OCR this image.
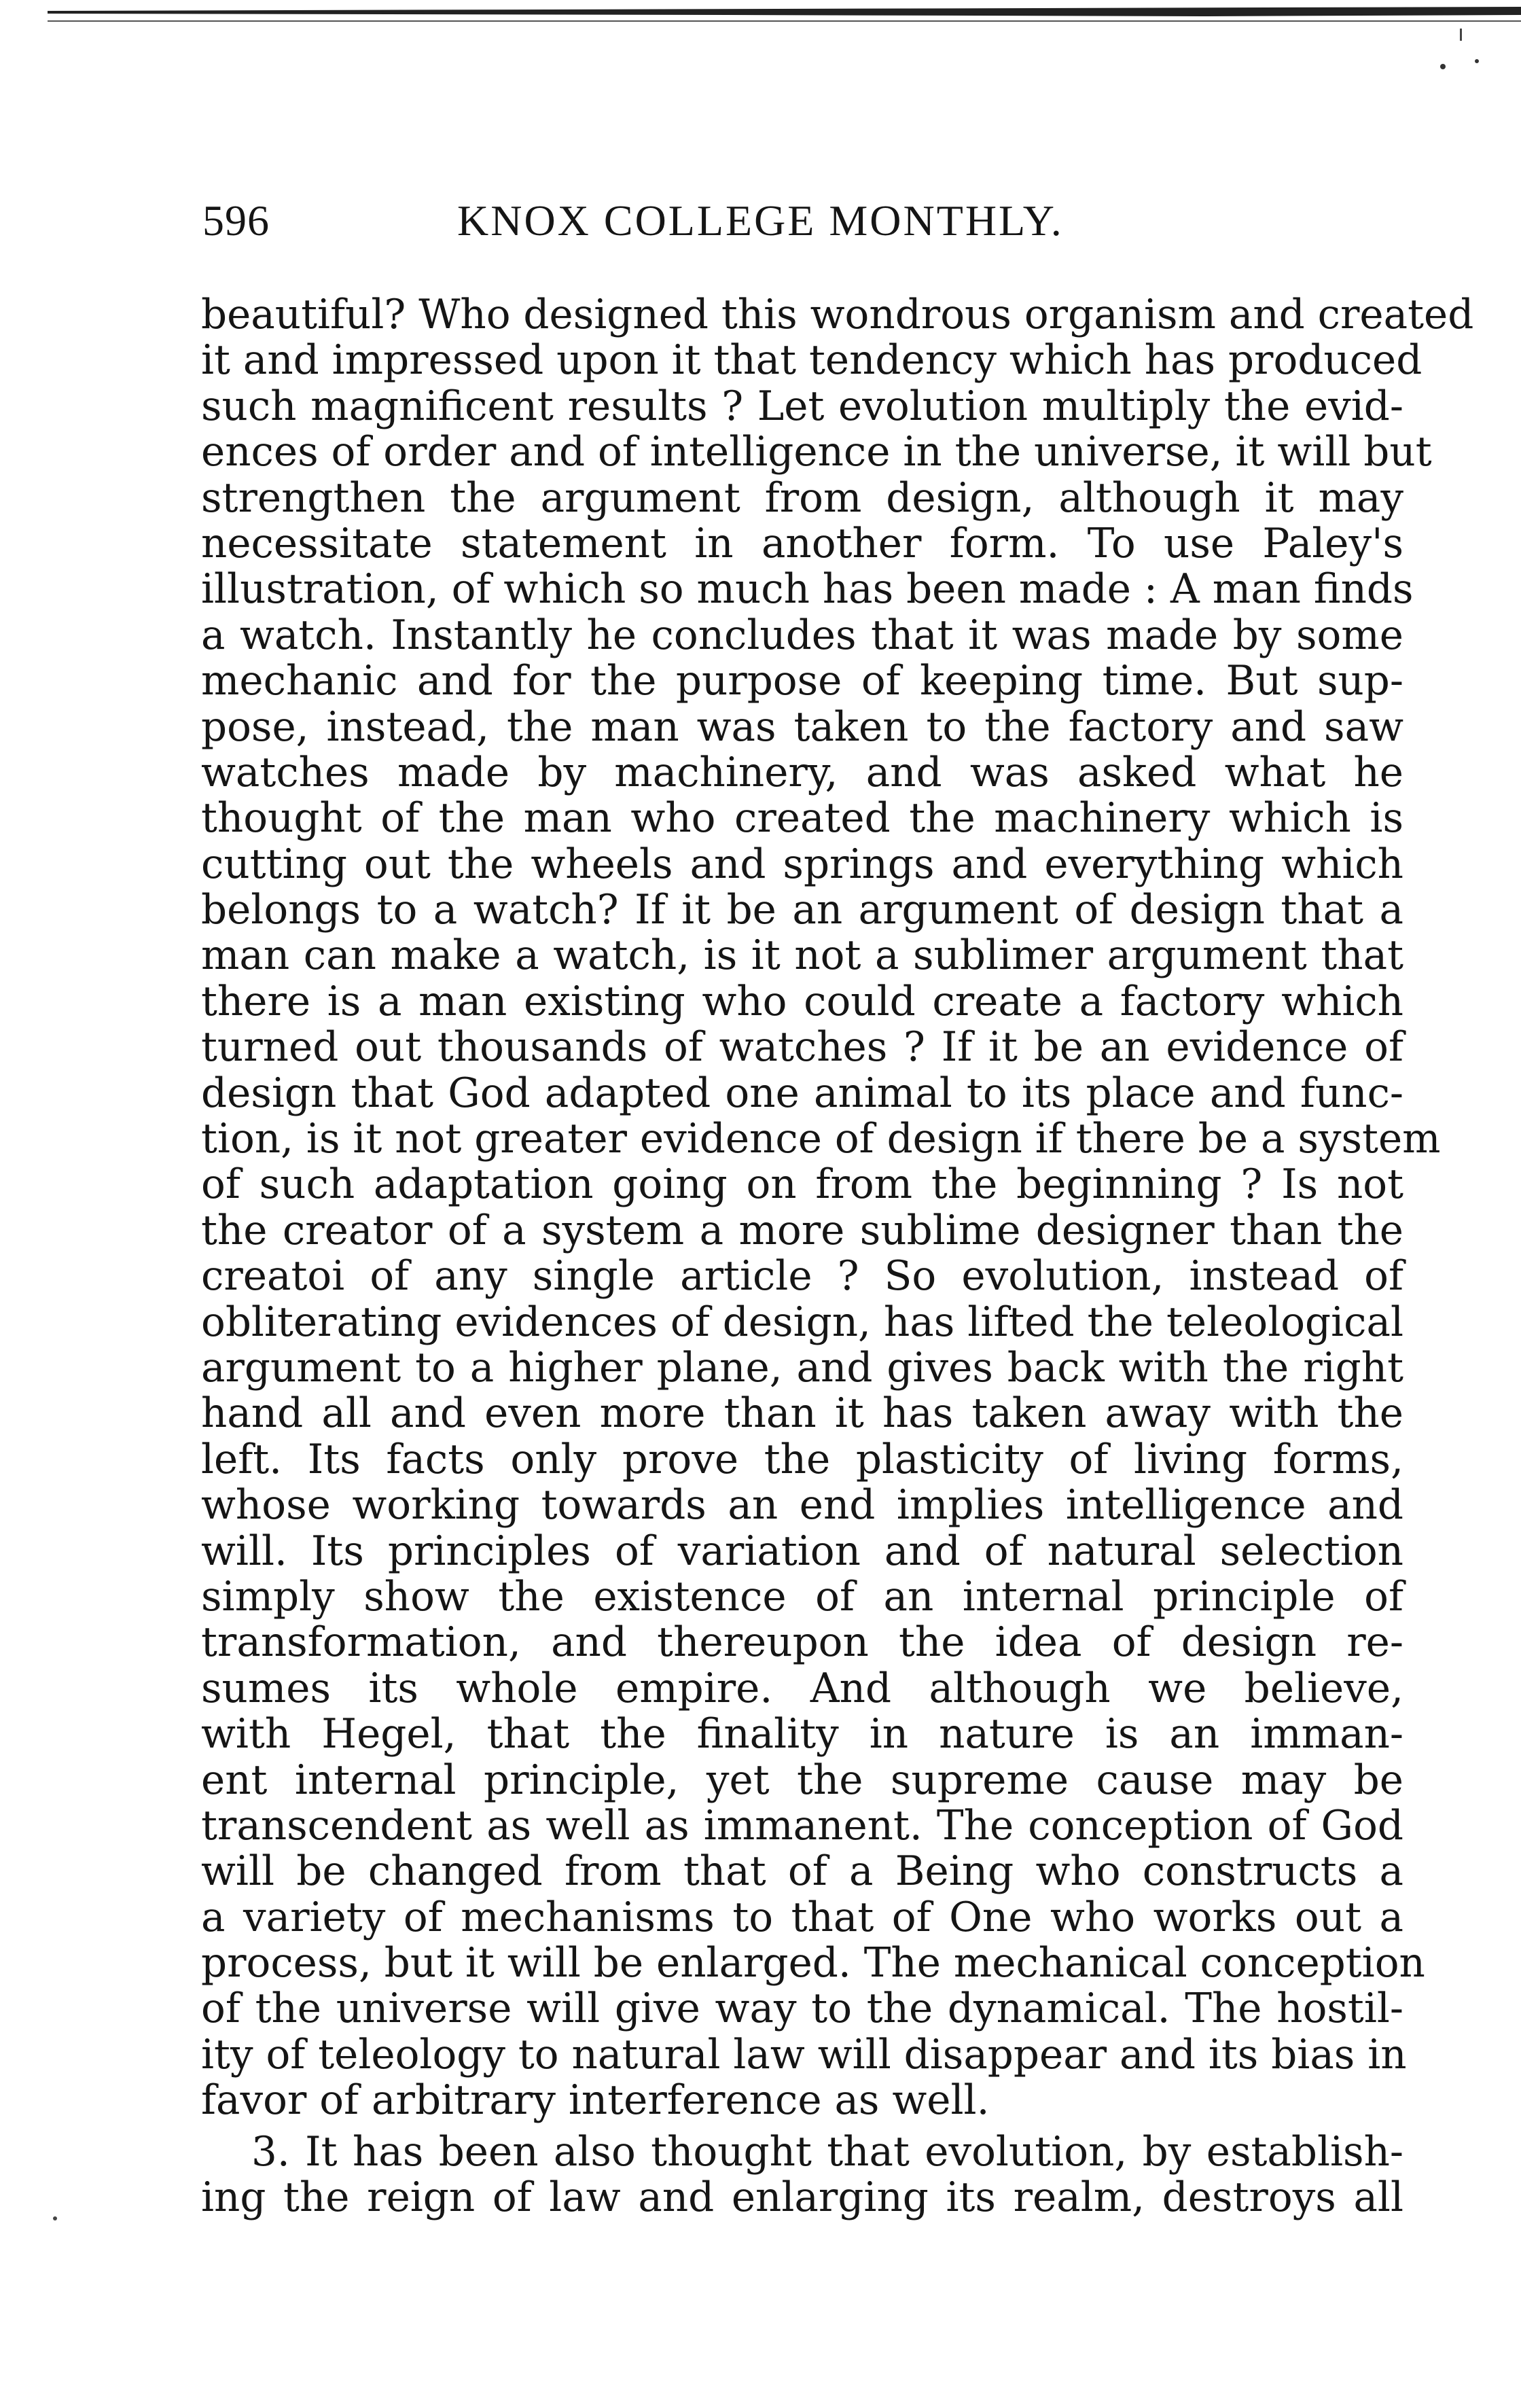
596	KNOX COLLEGE MONTHLY.
beautiful? Who designed this wondrous organism and created
it and impressed upon it that tendency which has produced
such magnificent results ? Let evolution multiply the evid-
ences of order and of intelligence in the universe, it will but
strengthen the argument from design, although it may
necessitate statement in another form. To use Paley's
illustration, of which so much has been made : A man finds
a watch. Instantly he concludes that it was made by some
mechanic and for the purpose of keeping time. But sup-
pose, instead, the man was taken to the factory and saw
watches made by machinery, and was asked what he
thought of the man who created the machinery which is
cutting out the wheels and springs and everything which
belongs to a watch? If it be an argument of design that a
man can make a watch, is it not a sublimer argument that
there is a man existing who could create a factory which
turned out thousands of watches ? If it be an evidence of
design that God adapted one animal to its place and func-
tion, is it not greater evidence of design if there be a system
of such adaptation going on from the beginning ? Is not
the creator of a system a more sublime designer than the
creatoi of any single article ? So evolution, instead of
obliterating evidences of design, has lifted the teleological
argument to a higher plane, and gives back with the right
hand all and even more than it has taken away with the
left. Its facts only prove the plasticity of living forms,
whose working towards an end implies intelligence and
will. Its principles of variation and of natural selection
simply show the existence of an internal principle of
transformation, and thereupon the idea of design re-
sumes its whole empire. And although we believe,
with Hegel, that the finality in nature is an imman-
ent internal principle, yet the supreme cause may be
transcendent as well as immanent. The conception of God
will be changed from that of a Being who constructs a
a variety of mechanisms to that of One who works out a
process, but it will be enlarged. The mechanical conception
of the universe will give way to the dynamical. The hostil-
ity of teleology to natural law will disappear and its bias in
favor of arbitrary interference as well.
3. It has been also thought that evolution, by establish-
ing the reign of law and enlarging its realm, destroys all
